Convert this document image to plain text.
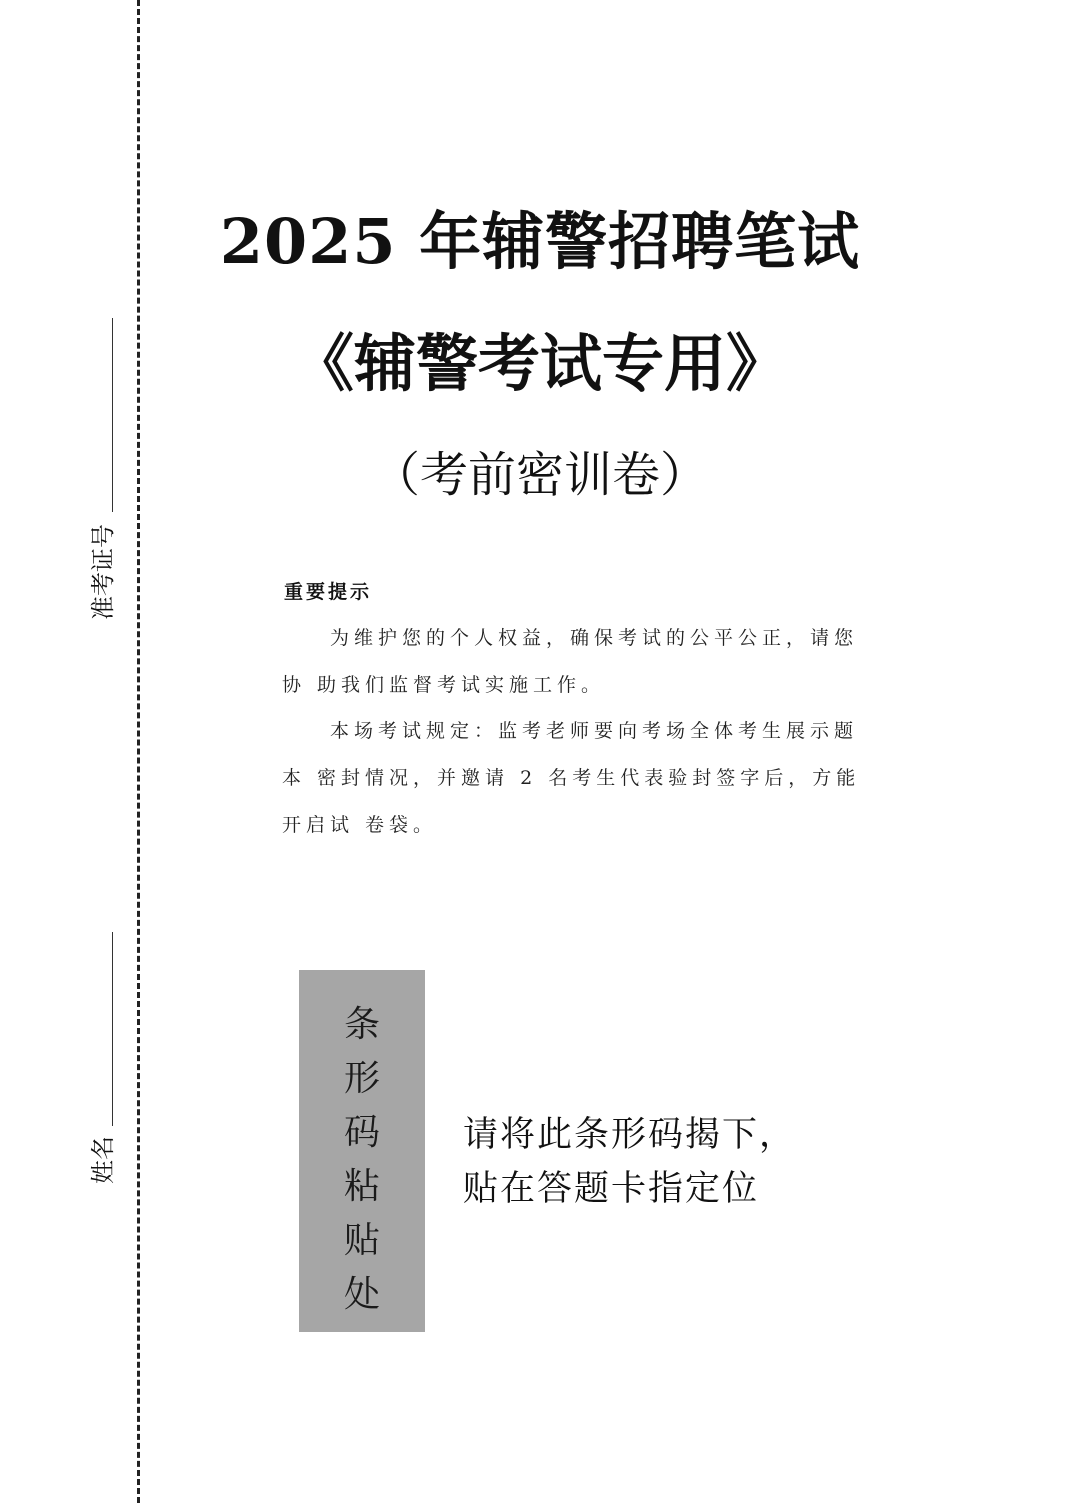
准考证号
姓名
2025 年辅警招聘笔试
《辅警考试专用》
（考前密训卷）
重要提示

为维护您的个人权益，确保考试的公平公正，请您协 助我们监督考试实施工作。

本场考试规定：监考老师要向考场全体考生展示题本 密封情况，并邀请 2 名考生代表验封签字后，方能开启试 卷袋。

条
形
码
粘
贴
处
请将此条形码揭下，
贴在答题卡指定位
